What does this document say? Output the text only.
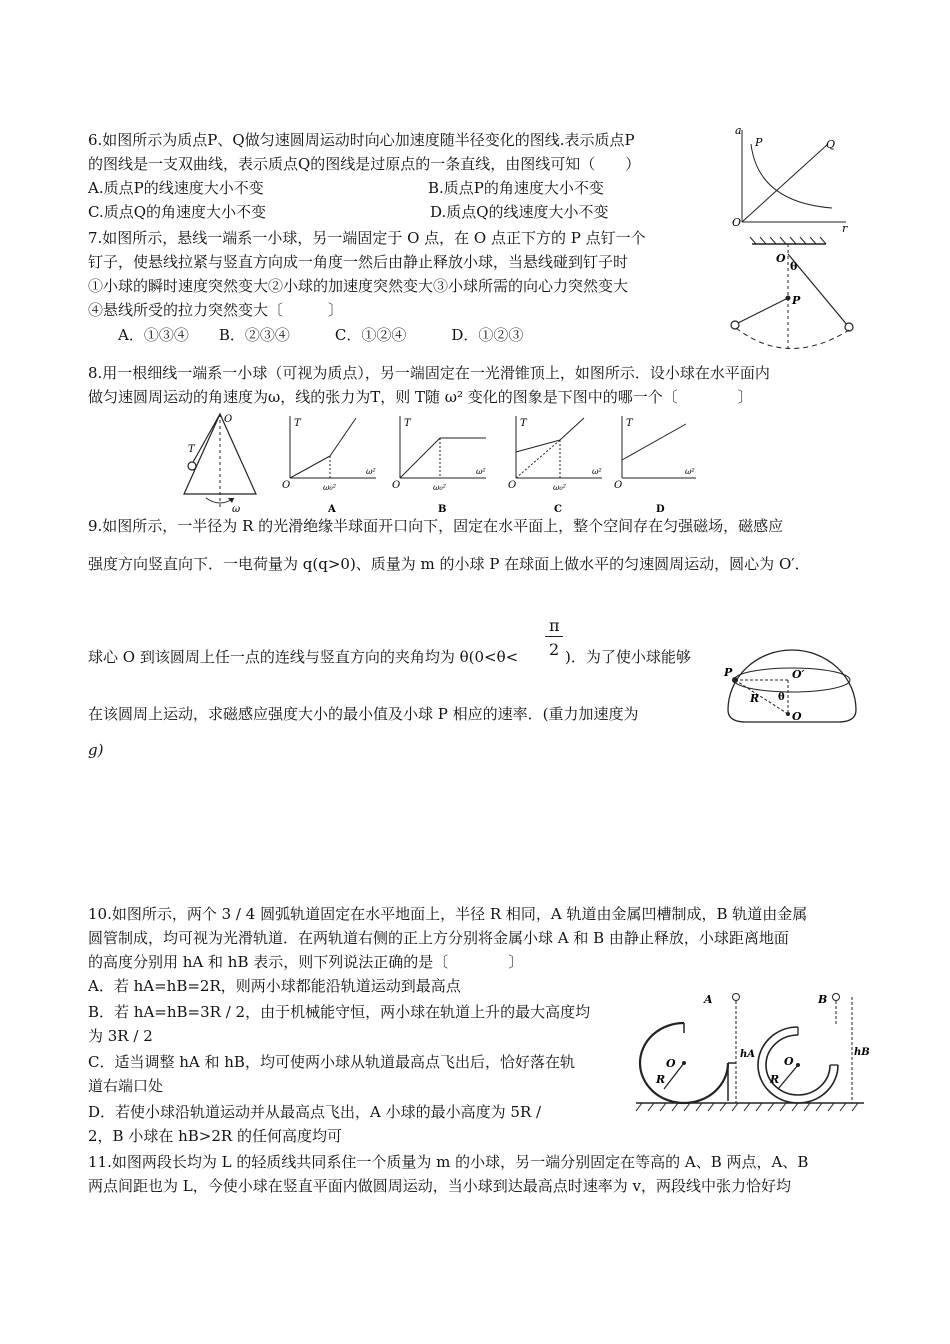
6.如图所示为质点P、Q做匀速圆周运动时向心加速度随半径变化的图线.表示质点P
的图线是一支双曲线，表示质点Q的图线是过原点的一条直线，由图线可知（　　）
A.质点P的线速度大小不变	B.质点P的角速度大小不变
C.质点Q的角速度大小不变	D.质点Q的线速度大小不变
a
P	Q
O	r
7.如图所示，悬线一端系一小球，另一端固定于 O 点，在 O 点正下方的 P 点钉一个
钉子，使悬线拉紧与竖直方向成一角度一然后由静止释放小球，当悬线碰到钉子时
①小球的瞬时速度突然变大②小球的加速度突然变大③小球所需的向心力突然变大
④悬线所受的拉力突然变大〔　　　〕
A．①③④　　B．②③④　　　C．①②④　　　D．①②③
O
θ
P
8.用一根细线一端系一小球（可视为质点），另一端固定在一光滑锥顶上，如图所示．设小球在水平面内
做匀速圆周运动的角速度为ω，线的张力为T，则 T随 ω² 变化的图象是下图中的哪一个〔　　　　〕
O
T
ω
T
O
ω²
ω₀²
A
T
O
ω²
ω₀²
B
T
O
ω²
ω₀²
C
T
O
ω²
D
9.如图所示，一半径为 R 的光滑绝缘半球面开口向下，固定在水平面上，整个空间存在匀强磁场，磁感应
强度方向竖直向下．一电荷量为 q(q>0)、质量为 m 的小球 P 在球面上做水平的匀速圆周运动，圆心为 O′．
π
2
球心 O 到该圆周上任一点的连线与竖直方向的夹角均为 θ(0<θ<	)．为了使小球能够
在该圆周上运动，求磁感应强度大小的最小值及小球 P 相应的速率．(重力加速度为
g)
P	O′
R θ
O
10.如图所示，两个 3 / 4 圆弧轨道固定在水平地面上，半径 R 相同，A 轨道由金属凹槽制成，B 轨道由金属
圆管制成，均可视为光滑轨道．在两轨道右侧的正上方分别将金属小球 A 和 B 由静止释放，小球距离地面
的高度分别用 hA 和 hB 表示，则下列说法正确的是〔　　　　〕
A．若 hA=hB=2R，则两小球都能沿轨道运动到最高点
B．若 hA=hB=3R / 2，由于机械能守恒，两小球在轨道上升的最大高度均
为 3R / 2
C．适当调整 hA 和 hB，均可使两小球从轨道最高点飞出后，恰好落在轨
道右端口处
D．若使小球沿轨道运动并从最高点飞出，A 小球的最小高度为 5R /
2，B 小球在 hB>2R 的任何高度均可
A
O
R
hA
B
O
R
hB
11.如图两段长均为 L 的轻质线共同系住一个质量为 m 的小球，另一端分别固定在等高的 A、B 两点，A、B
两点间距也为 L，今使小球在竖直平面内做圆周运动，当小球到达最高点时速率为 v，两段线中张力恰好均
